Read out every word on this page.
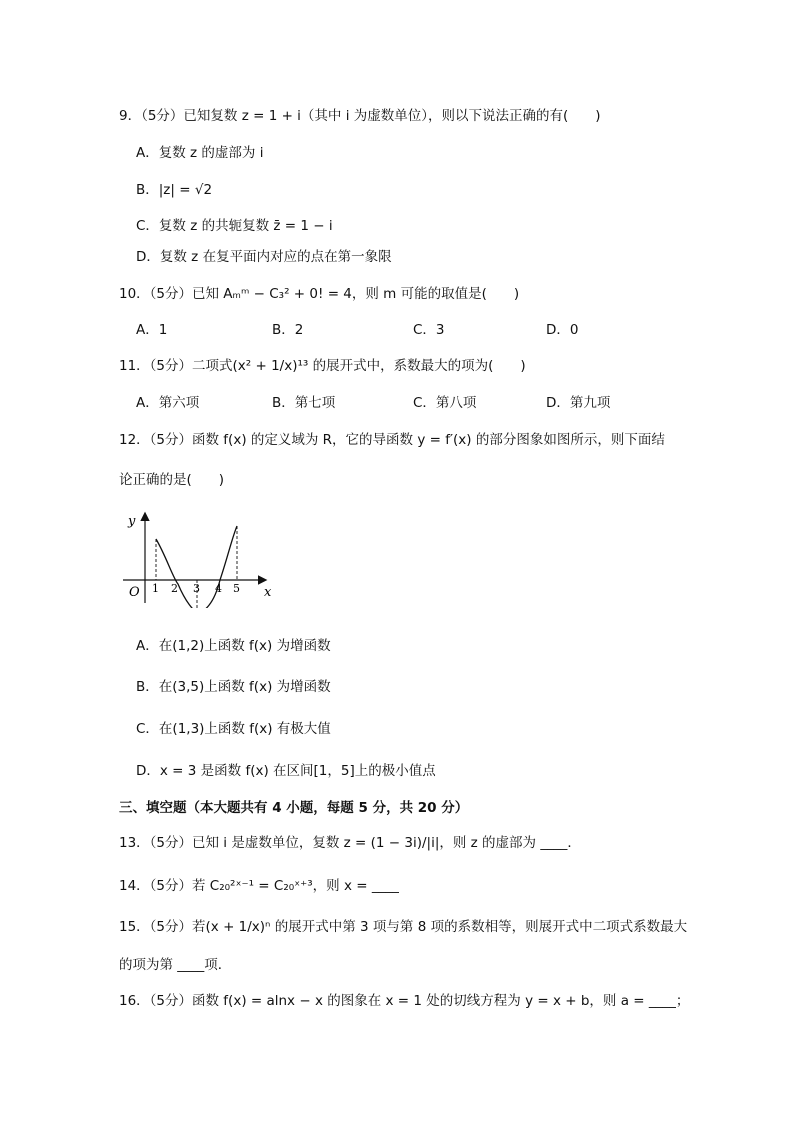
9．（5分）已知复数 z = 1 + i（其中 i 为虚数单位），则以下说法正确的有(　　)
A．复数 z 的虚部为 i
B．|z| = √2
C．复数 z 的共轭复数 z̄ = 1 − i
D．复数 z 在复平面内对应的点在第一象限
10．（5分）已知 Aₘᵐ − C₃² + 0! = 4，则 m 可能的取值是(　　)
A．1	B．2	C．3	D．0
11．（5分）二项式(x² + 1/x)¹³ 的展开式中，系数最大的项为(　　)
A．第六项	B．第七项	C．第八项	D．第九项
12．（5分）函数 f(x) 的定义域为 R，它的导函数 y = f′(x) 的部分图象如图所示，则下面结
论正确的是(　　)
y
x
O 1 2 3 4 5
A．在(1,2)上函数 f(x) 为增函数
B．在(3,5)上函数 f(x) 为增函数
C．在(1,3)上函数 f(x) 有极大值
D．x = 3 是函数 f(x) 在区间[1，5]上的极小值点
三、填空题（本大题共有 4 小题，每题 5 分，共 20 分）
13．（5分）已知 i 是虚数单位，复数 z = (1 − 3i)/|i|，则 z 的虚部为 ____．
14．（5分）若 C₂₀²ˣ⁻¹ = C₂₀ˣ⁺³，则 x = ____
15．（5分）若(x + 1/x)ⁿ 的展开式中第 3 项与第 8 项的系数相等，则展开式中二项式系数最大
的项为第 ____项．
16．（5分）函数 f(x) = alnx − x 的图象在 x = 1 处的切线方程为 y = x + b，则 a = ____；
